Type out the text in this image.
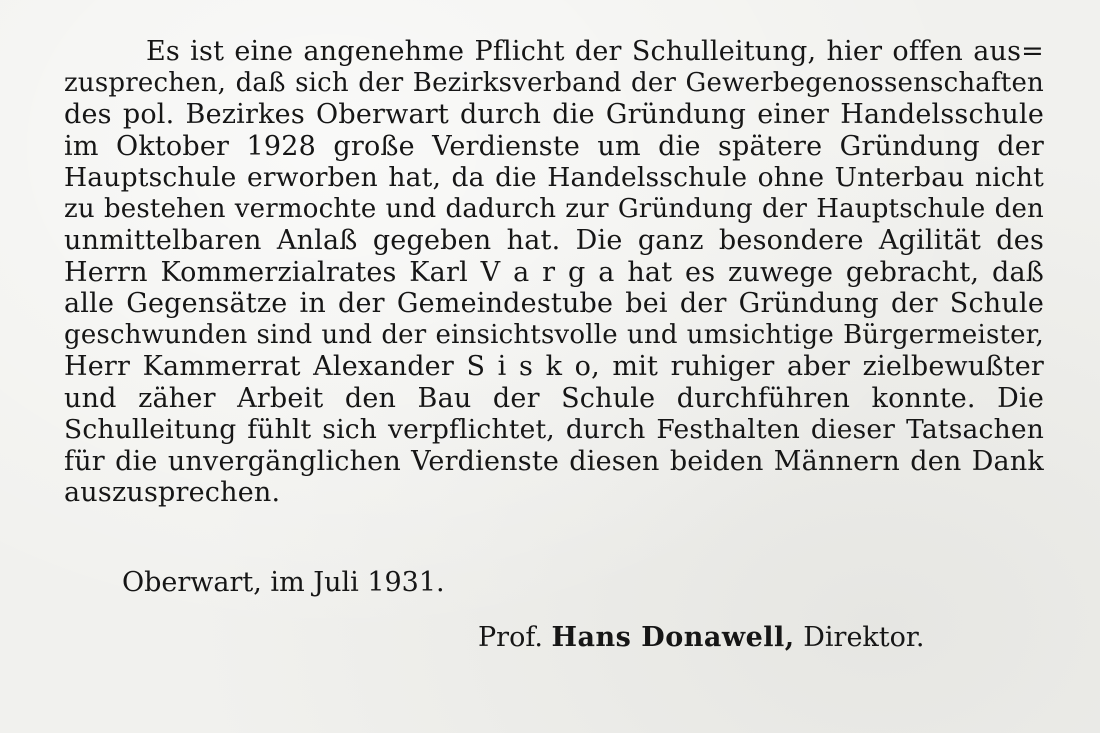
Es ist eine angenehme Pflicht der Schulleitung, hier offen aus=
zusprechen, daß sich der Bezirksverband der Gewerbegenossenschaften
des pol. Bezirkes Oberwart durch die Gründung einer Handelsschule
im Oktober 1928 große Verdienste um die spätere Gründung der
Hauptschule erworben hat, da die Handelsschule ohne Unterbau nicht
zu bestehen vermochte und dadurch zur Gründung der Hauptschule den
unmittelbaren Anlaß gegeben hat. Die ganz besondere Agilität des
Herrn Kommerzialrates Karl V a r g a hat es zuwege gebracht, daß
alle Gegensätze in der Gemeindestube bei der Gründung der Schule
geschwunden sind und der einsichtsvolle und umsichtige Bürgermeister,
Herr Kammerrat Alexander S i s k o, mit ruhiger aber zielbewußter
und zäher Arbeit den Bau der Schule durchführen konnte. Die
Schulleitung fühlt sich verpflichtet, durch Festhalten dieser Tatsachen
für die unvergänglichen Verdienste diesen beiden Männern den Dank
auszusprechen.
Oberwart, im Juli 1931.
Prof. Hans Donawell, Direktor.
